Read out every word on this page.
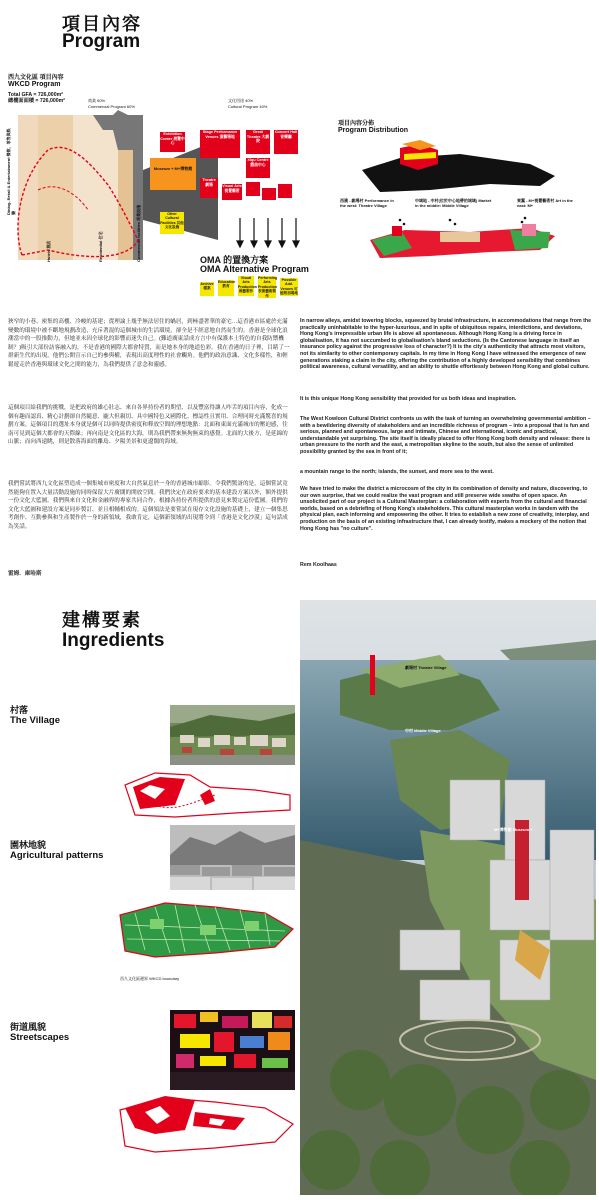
項目內容
Program
西九文化區 項目內容
WKCD Program
Total GFA = 726,000m²
總樓面面積 = 726,000m²	商業 60%
Commercial Program 60%
文化用途 40%
Cultural Program 40%
Dining, Retail & Entertainment 餐飲、零售與娛樂
Hotels 酒店	Residential 住宅	Commercial facilities 商業設施
Exhibition Center 展覽中心
Stage Performance Venues 演藝場地
Great Theatre 大劇院
Concert Hall 音樂廳
Xiqu Centre 戲曲中心
Museum + M+博物館
Theatre 劇場	Visual Arts 視覺藝術
Other Cultural Facilities 其他文化設施
OMA 的置換方案
OMA Alternative Program
Archive 檔案
Education 教育
Visual Arts Production 視藝製作
Performing Arts Production 表演藝術製作
Possible Add. Venues 可能附加場地
項目內容分佈
Program Distribution
西濱 - 劇場村 Performance in the west: Theatre Village
中域地 - 中村(位於中心地帶的城域) Market in the middle: Middle Village
東翼 - M+視覺藝術村 Art in the east: M+
狹窄的小巷、密集的高樓、冷峻的基建；從理論上幾乎無法居住的蝸居，到極盡奢華的豪宅…這香港市區處於充滿變數的環境中被不斷地規劃改造，充斥著混的這個城市的生活環境，卻全是不經意地自然而生的。香港是全球化浪潮當中的一股推動力，但她並未因全球化的影響而迷失自己。(難道廣東話成方言中有保護本土特色的自我防禦機制？)吸引大部份訪客融入的，不是香港的國際大都會特質，而是她本身的地道色彩。我在香港的日子裡，目睹了一群新生代的出現，他們公開宣示自己的參與權，表現出高度理性的社會觸角。他們的政治意識、文化多樣性，和輕鬆遊走於香港與環球文化之間的能力，為我們提供了意念和靈感。
這個項目給我們的挑戰，是把政府的雄心壯志、來自各界持份者的期望、以及豐富得讓人咋舌的項目內容，化成一個有趣而認真、精心計劃卻自然隨意、龐大但親切、具中國特色又國際化、標誌性且實用、合理同時充滿驚喜的規劃方案。這個項目的選址本身就是個可以同時提供密度和釋放空間的理想地點：北面和東面充滿城市的壓迫感，往南可見到這個大都會的天際線；再向南是文化區的大海。則為我們帶來無拘無束的感覺。北面的大後方，是延綿的山脈；而向西遠眺，則是散落海面的離島、夕陽美景和更遼闊的海域。
我們嘗試將西九文化區塑造成一個集城市密度和大自然氣息於一身的香港城市縮影。令我們驚訝的是，這個嘗試竟然能夠在置入大量活動設施的同時保留大片廣闊的開放空間。我們決定在政府要求的基本建設方案以外，額外提供一份文化大藍圖。我們與來自文化和金融界的專家共同合作，根據各持份者所提供的意見來製定這份藍圖。我們的文化大藍圖和建設方案是同步製訂、並且相輔相成的。這個領法是要嘗試在現存文化設施的基礎上，建立一個集思考創作、互動參與和生產製作於一身的新領域，我敢肯定，這個新領域的出現將令到「香港是文化沙漠」這句話成為笑話。
雷姆．庫哈斯
In narrow alleys, amidst towering blocks, squeezed by brutal infrastructure, in accommodations that range from the practically uninhabitable to the hyper-luxurious, and in spite of ubiquitous repairs, interdictions, and deviations, Hong Kong's irrepressible urban life is above all spontaneous. Although Hong Kong is a driving force in globalisation, it has not succumbed to globalisation's bland seductions. (Is the Cantonese language in itself an insurance policy against the progressive loss of character?) It is the city's authenticity that attracts most visitors, not its similarity to other contemporary capitals. In my time in Hong Kong I have witnessed the emergence of new generations staking a claim in the city, offering the contribution of a highly developed sensibility that combines political awareness, cultural versatility, and an ability to shuttle effortlessly between Hong Kong and global culture.
It is this unique Hong Kong sensibility that provided for us both ideas and inspiration.
The West Kowloon Cultural District confronts us with the task of turning an overwhelming governmental ambition – with a bewildering diversity of stakeholders and an incredible richness of program – into a proposal that is fun and serious, planned and spontaneous, large and intimate, Chinese and international, iconic and practical, understandable yet surprising. The site itself is ideally placed to offer Hong Kong both density and release: there is urban pressure to the north and the east, a metropolitan skyline to the south, but also the sense of unlimited possibility granted by the sea in front of it;
a mountain range to the north; islands, the sunset, and more sea to the west.
We have tried to make the district a microcosm of the city in its combination of density and nature, discovering, to our own surprise, that we could realize the vast program and still preserve wide swaths of open space. An unsolicited part of our project is a Cultural Masterplan: a collaboration with experts from the cultural and financial worlds, based on a debriefing of Hong Kong's stakeholders. This cultural masterplan works in tandem with the physical plan, each informing and empowering the other. It tries to establish a new zone of creativity, interplay, and production on the basis of an existing infrastructure that, I can already testify, makes a mockery of the notion that Hong Kong has "no culture".
Rem Koolhaas
建構要素
Ingredients
村落
The Village
園林地貌
Agricultural patterns
西九文化區邊界 WKCD boundary
街道風貌
Streetscapes
劇場村 Theatre Village
中村 Middle Village
M+博物館 Museum +
